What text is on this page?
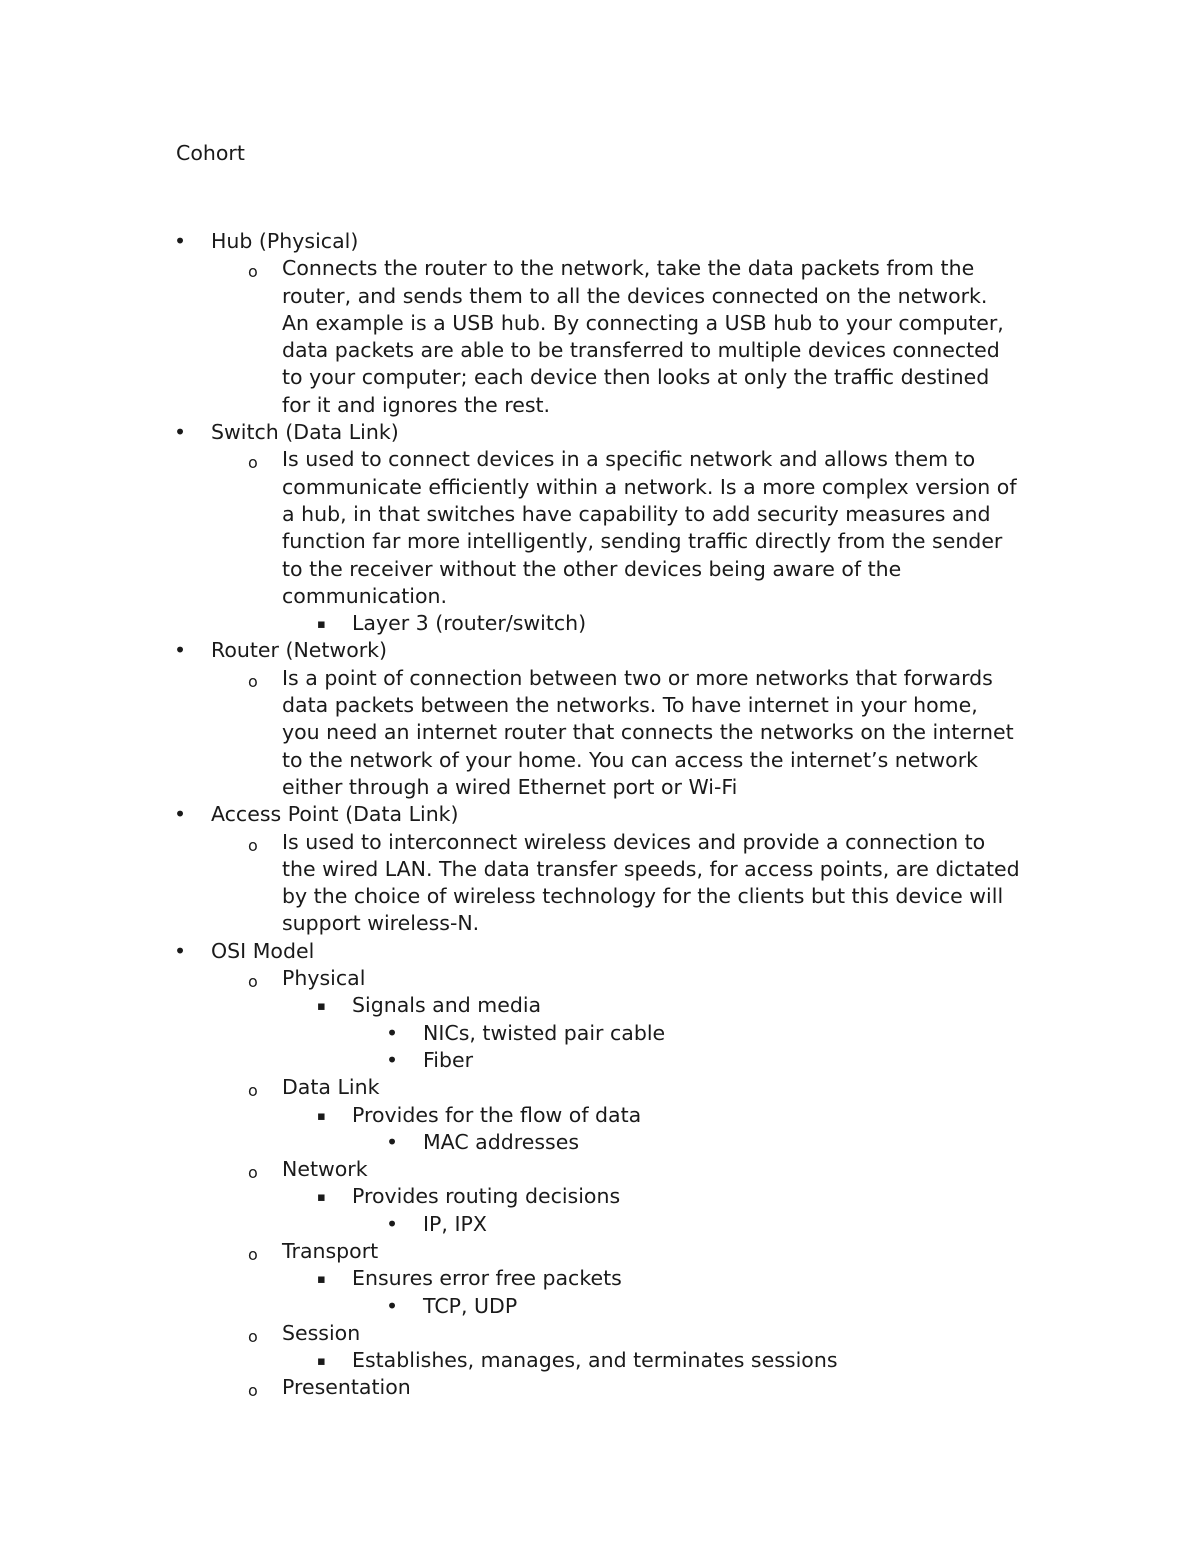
Cohort

• Hub (Physical)
o Connects the router to the network, take the data packets from the
router, and sends them to all the devices connected on the network.
An example is a USB hub. By connecting a USB hub to your computer,
data packets are able to be transferred to multiple devices connected
to your computer; each device then looks at only the traffic destined
for it and ignores the rest.
• Switch (Data Link)
o Is used to connect devices in a specific network and allows them to
communicate efficiently within a network. Is a more complex version of
a hub, in that switches have capability to add security measures and
function far more intelligently, sending traffic directly from the sender
to the receiver without the other devices being aware of the
communication.
▪ Layer 3 (router/switch)
• Router (Network)
o Is a point of connection between two or more networks that forwards
data packets between the networks. To have internet in your home,
you need an internet router that connects the networks on the internet
to the network of your home. You can access the internet’s network
either through a wired Ethernet port or Wi-Fi
• Access Point (Data Link)
o Is used to interconnect wireless devices and provide a connection to
the wired LAN. The data transfer speeds, for access points, are dictated
by the choice of wireless technology for the clients but this device will
support wireless-N.
• OSI Model
o Physical
▪ Signals and media
• NICs, twisted pair cable
• Fiber
o Data Link
▪ Provides for the flow of data
• MAC addresses
o Network
▪ Provides routing decisions
• IP, IPX
o Transport
▪ Ensures error free packets
• TCP, UDP
o Session
▪ Establishes, manages, and terminates sessions
o Presentation
